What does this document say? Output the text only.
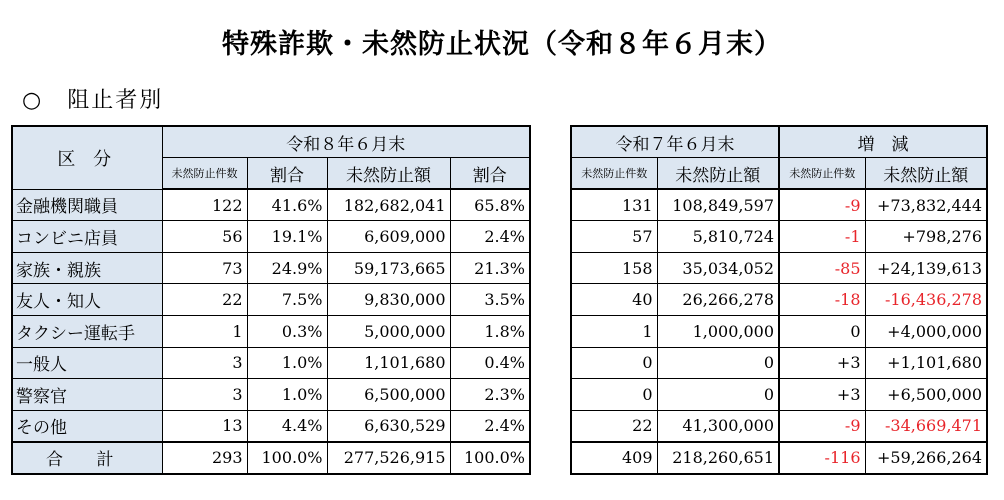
特殊詐欺・未然防止状況（令和８年６月末）
○　阻止者別
区 分	令和８年６月末			
	未然防止件数	割合	未然防止額	割合
金融機関職員	122	41.6%	182,682,041	65.8%
コンビニ店員	56	19.1%	6,609,000	2.4%
家族・親族	73	24.9%	59,173,665	21.3%
友人・知人	22	7.5%	9,830,000	3.5%
タクシー運転手	1	0.3%	5,000,000	1.8%
一般人	3	1.0%	1,101,680	0.4%
警察官	3	1.0%	6,500,000	2.3%
その他	13	4.4%	6,630,529	2.4%
合 計	293	100.0%	277,526,915	100.0%
令和７年６月末		増　減	
未然防止件数	未然防止額	未然防止件数	未然防止額
131	108,849,597	-9	+73,832,444
57	5,810,724	-1	+798,276
158	35,034,052	-85	+24,139,613
40	26,266,278	-18	-16,436,278
1	1,000,000	0	+4,000,000
0	0	+3	+1,101,680
0	0	+3	+6,500,000
22	41,300,000	-9	-34,669,471
409	218,260,651	-116	+59,266,264
